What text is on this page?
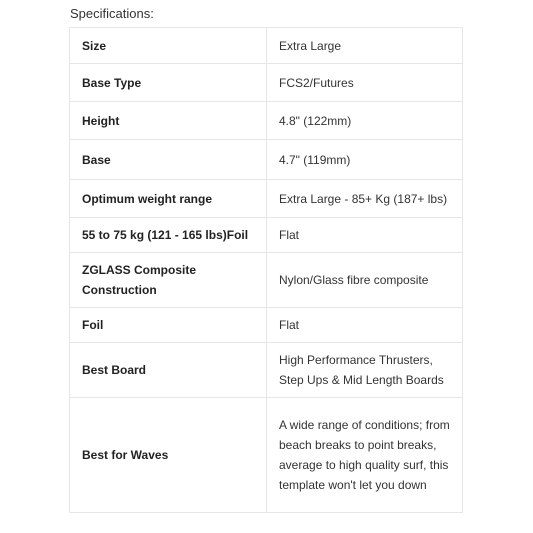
Specifications:
Size	Extra Large
Base Type	FCS2/Futures
Height	4.8" (122mm)
Base	4.7" (119mm)
Optimum weight range	Extra Large - 85+ Kg (187+ lbs)
55 to 75 kg (121 - 165 lbs)Foil	Flat
ZGLASS Composite Construction	Nylon/Glass fibre composite
Foil	Flat
Best Board	High Performance Thrusters, Step Ups & Mid Length Boards
Best for Waves	A wide range of conditions; from beach breaks to point breaks, average to high quality surf, this template won't let you down
